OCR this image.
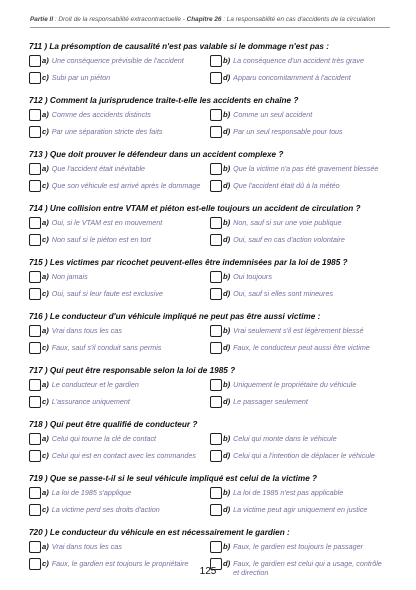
Partie II : Droit de la responsabilité extracontractuelle - Chapitre 26 : La responsabilité en cas d'accidents de la circulation
711 ) La présomption de causalité n'est pas valable si le dommage n'est pas :
a) Une conséquence prévisible de l'accident	b) La conséquence d'un accident très grave
c) Subi par un piéton	d) Apparu concomitamment à l'accident
712 ) Comment la jurisprudence traite-t-elle les accidents en chaîne ?
a) Comme des accidents distincts	b) Comme un seul accident
c) Par une séparation stricte des faits	d) Par un seul responsable pour tous
713 ) Que doit prouver le défendeur dans un accident complexe ?
a) Que l'accident était inévitable	b) Que la victime n'a pas été gravement blessée
c) Que son véhicule est arrivé après le dommage	d) Que l'accident était dû à la météo
714 ) Une collision entre VTAM et piéton est-elle toujours un accident de circulation ?
a) Oui, si le VTAM est en mouvement	b) Non, sauf si sur une voie publique
c) Non sauf si le piéton est en tort	d) Oui, sauf en cas d'action volontaire
715 ) Les victimes par ricochet peuvent-elles être indemnisées par la loi de 1985 ?
a) Non jamais	b) Oui toujours
c) Oui, sauf si leur faute est exclusive	d) Oui, sauf si elles sont mineures
716 ) Le conducteur d'un véhicule impliqué ne peut pas être aussi victime :
a) Vrai dans tous les cas	b) Vrai seulement s'il est légèrement blessé
c) Faux, sauf s'il conduit sans permis	d) Faux, le conducteur peut aussi être victime
717 ) Qui peut être responsable selon la loi de 1985 ?
a) Le conducteur et le gardien	b) Uniquement le propriétaire du véhicule
c) L'assurance uniquement	d) Le passager seulement
718 ) Qui peut être qualifié de conducteur ?
a) Celui qui tourne la clé de contact	b) Celui qui monte dans le véhicule
c) Celui qui est en contact avec les commandes	d) Celui qui a l'intention de déplacer le véhicule
719 ) Que se passe-t-il si le seul véhicule impliqué est celui de la victime ?
a) La loi de 1985 s'applique	b) La loi de 1985 n'est pas applicable
c) La victime perd ses droits d'action	d) La victime peut agir uniquement en justice
720 ) Le conducteur du véhicule en est nécessairement le gardien :
a) Vrai dans tous les cas	b) Faux, le gardien est toujours le passager
c) Faux, le gardien est toujours le propriétaire	d) Faux, le gardien est celui qui a usage, contrôle et direction
125
